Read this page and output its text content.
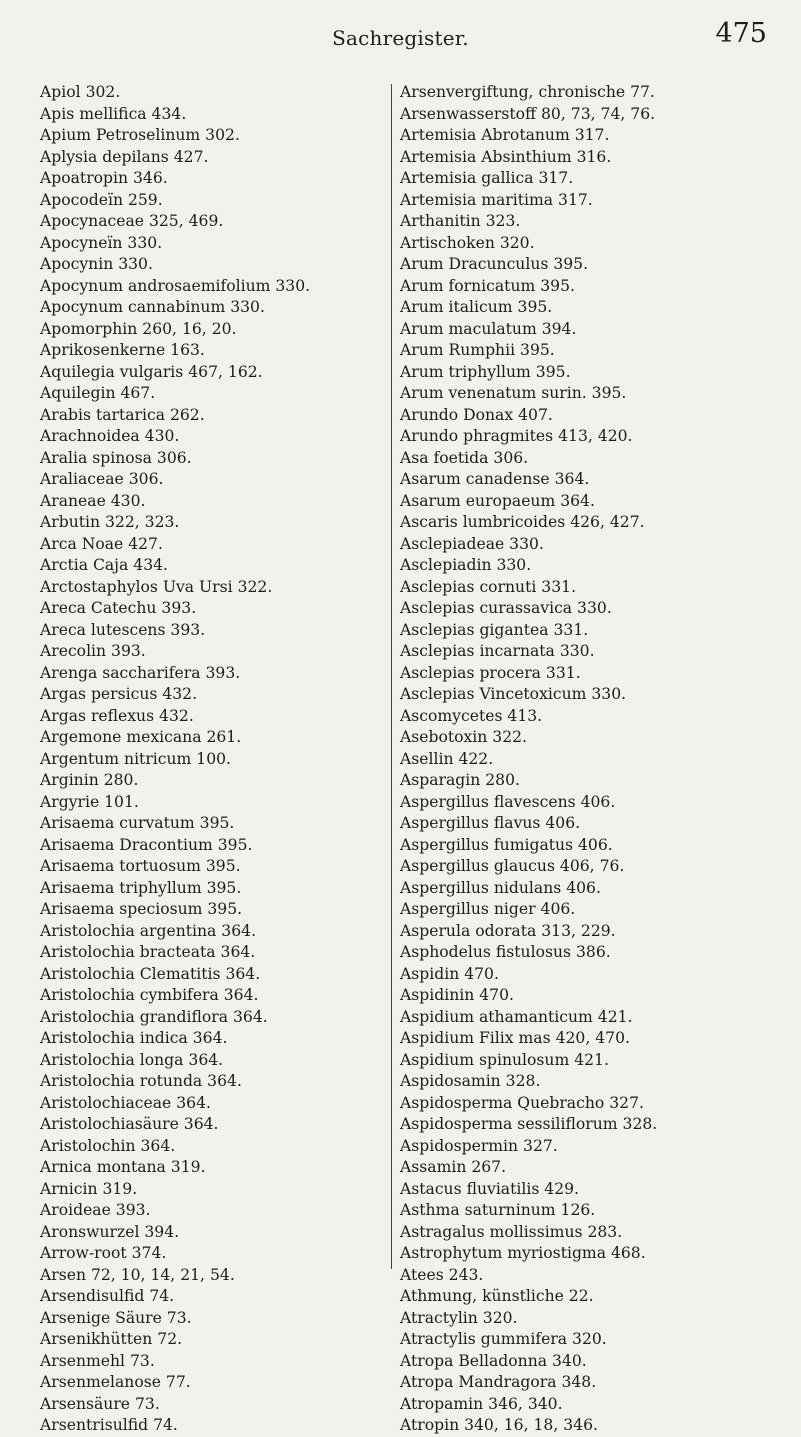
Sachregister.	475
Apiol 302.
Apis mellifica 434.
Apium Petroselinum 302.
Aplysia depilans 427.
Apoatropin 346.
Apocodeïn 259.
Apocynaceae 325, 469.
Apocyneïn 330.
Apocynin 330.
Apocynum androsaemifolium 330.
Apocynum cannabinum 330.
Apomorphin 260, 16, 20.
Aprikosenkerne 163.
Aquilegia vulgaris 467, 162.
Aquilegin 467.
Arabis tartarica 262.
Arachnoidea 430.
Aralia spinosa 306.
Araliaceae 306.
Araneae 430.
Arbutin 322, 323.
Arca Noae 427.
Arctia Caja 434.
Arctostaphylos Uva Ursi 322.
Areca Catechu 393.
Areca lutescens 393.
Arecolin 393.
Arenga saccharifera 393.
Argas persicus 432.
Argas reflexus 432.
Argemone mexicana 261.
Argentum nitricum 100.
Arginin 280.
Argyrie 101.
Arisaema curvatum 395.
Arisaema Dracontium 395.
Arisaema tortuosum 395.
Arisaema triphyllum 395.
Arisaema speciosum 395.
Aristolochia argentina 364.
Aristolochia bracteata 364.
Aristolochia Clematitis 364.
Aristolochia cymbifera 364.
Aristolochia grandiflora 364.
Aristolochia indica 364.
Aristolochia longa 364.
Aristolochia rotunda 364.
Aristolochiaceae 364.
Aristolochiasäure 364.
Aristolochin 364.
Arnica montana 319.
Arnicin 319.
Aroideae 393.
Aronswurzel 394.
Arrow-root 374.
Arsen 72, 10, 14, 21, 54.
Arsendisulfid 74.
Arsenige Säure 73.
Arsenikhütten 72.
Arsenmehl 73.
Arsenmelanose 77.
Arsensäure 73.
Arsentrisulfid 74.
Arsenvergiftung, chronische 77.
Arsenwasserstoff 80, 73, 74, 76.
Artemisia Abrotanum 317.
Artemisia Absinthium 316.
Artemisia gallica 317.
Artemisia maritima 317.
Arthanitin 323.
Artischoken 320.
Arum Dracunculus 395.
Arum fornicatum 395.
Arum italicum 395.
Arum maculatum 394.
Arum Rumphii 395.
Arum triphyllum 395.
Arum venenatum surin. 395.
Arundo Donax 407.
Arundo phragmites 413, 420.
Asa foetida 306.
Asarum canadense 364.
Asarum europaeum 364.
Ascaris lumbricoides 426, 427.
Asclepiadeae 330.
Asclepiadin 330.
Asclepias cornuti 331.
Asclepias curassavica 330.
Asclepias gigantea 331.
Asclepias incarnata 330.
Asclepias procera 331.
Asclepias Vincetoxicum 330.
Ascomycetes 413.
Asebotoxin 322.
Asellin 422.
Asparagin 280.
Aspergillus flavescens 406.
Aspergillus flavus 406.
Aspergillus fumigatus 406.
Aspergillus glaucus 406, 76.
Aspergillus nidulans 406.
Aspergillus niger 406.
Asperula odorata 313, 229.
Asphodelus fistulosus 386.
Aspidin 470.
Aspidinin 470.
Aspidium athamanticum 421.
Aspidium Filix mas 420, 470.
Aspidium spinulosum 421.
Aspidosamin 328.
Aspidosperma Quebracho 327.
Aspidosperma sessiliflorum 328.
Aspidospermin 327.
Assamin 267.
Astacus fluviatilis 429.
Asthma saturninum 126.
Astragalus mollissimus 283.
Astrophytum myriostigma 468.
Atees 243.
Athmung, künstliche 22.
Atractylin 320.
Atractylis gummifera 320.
Atropa Belladonna 340.
Atropa Mandragora 348.
Atropamin 346, 340.
Atropin 340, 16, 18, 346.
